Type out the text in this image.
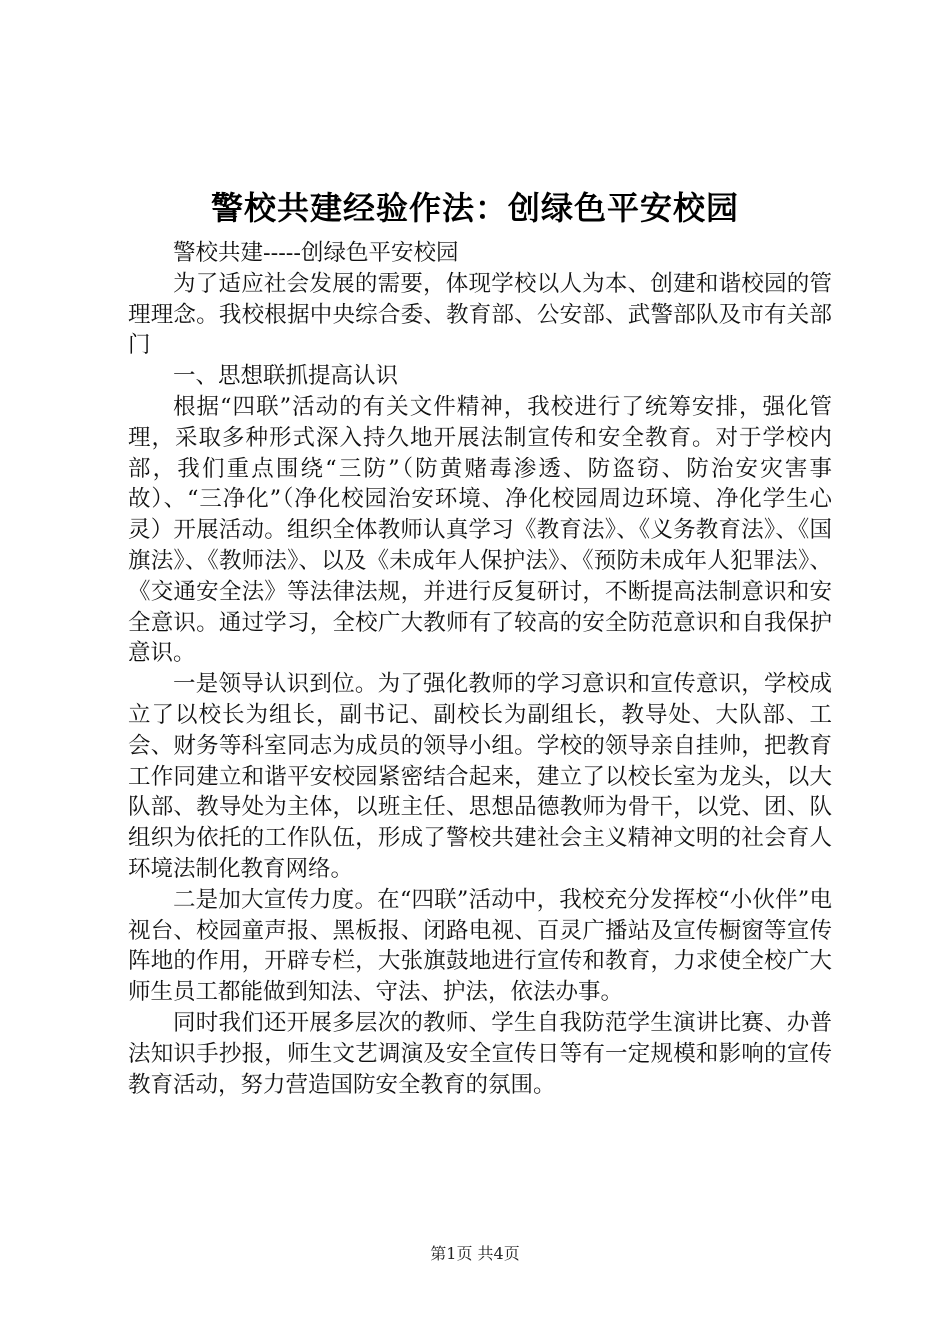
警校共建经验作法：创绿色平安校园

警校共建-----创绿色平安校园

为了适应社会发展的需要，体现学校以人为本、创建和谐校园的管理理念。我校根据中央综合委、教育部、公安部、武警部队及市有关部门

一、思想联抓提高认识

根据“四联”活动的有关文件精神，我校进行了统筹安排，强化管理，采取多种形式深入持久地开展法制宣传和安全教育。对于学校内部，我们重点围绕“三防”（防黄赌毒渗透、防盗窃、防治安灾害事故）、“三净化”（净化校园治安环境、净化校园周边环境、净化学生心灵）开展活动。组织全体教师认真学习《教育法》、《义务教育法》、《国旗法》、《教师法》、以及《未成年人保护法》、《预防未成年人犯罪法》、《交通安全法》等法律法规，并进行反复研讨，不断提高法制意识和安全意识。通过学习，全校广大教师有了较高的安全防范意识和自我保护意识。

一是领导认识到位。为了强化教师的学习意识和宣传意识，学校成立了以校长为组长，副书记、副校长为副组长，教导处、大队部、工会、财务等科室同志为成员的领导小组。学校的领导亲自挂帅，把教育工作同建立和谐平安校园紧密结合起来，建立了以校长室为龙头，以大队部、教导处为主体，以班主任、思想品德教师为骨干，以党、团、队组织为依托的工作队伍，形成了警校共建社会主义精神文明的社会育人环境法制化教育网络。

二是加大宣传力度。在“四联”活动中，我校充分发挥校“小伙伴”电视台、校园童声报、黑板报、闭路电视、百灵广播站及宣传橱窗等宣传阵地的作用，开辟专栏，大张旗鼓地进行宣传和教育，力求使全校广大师生员工都能做到知法、守法、护法，依法办事。

同时我们还开展多层次的教师、学生自我防范学生演讲比赛、办普法知识手抄报，师生文艺调演及安全宣传日等有一定规模和影响的宣传教育活动，努力营造国防安全教育的氛围。

第1页 共4页
